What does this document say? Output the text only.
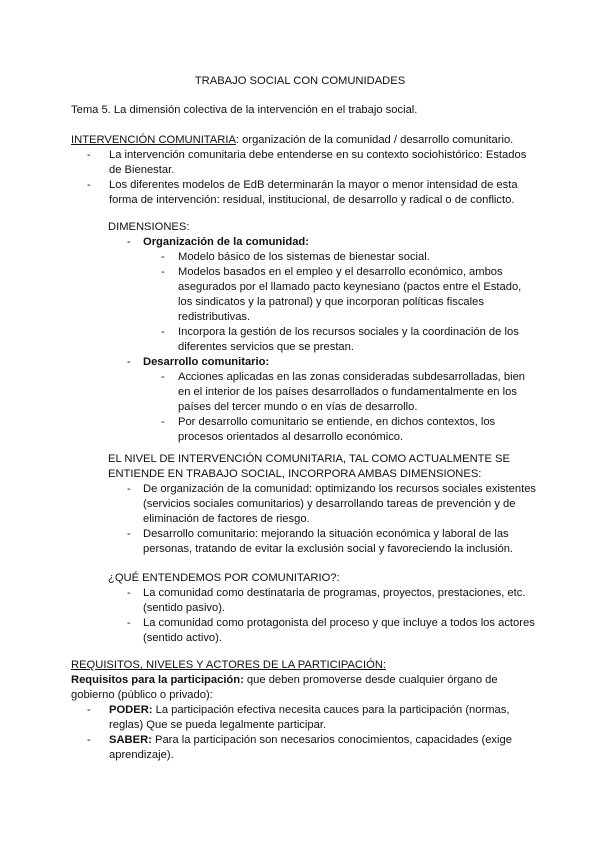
TRABAJO SOCIAL CON COMUNIDADES
Tema 5. La dimensión colectiva de la intervención en el trabajo social.
INTERVENCIÓN COMUNITARIA: organización de la comunidad / desarrollo comunitario.
- La intervención comunitaria debe entenderse en su contexto sociohistórico: Estados de Bienestar.
- Los diferentes modelos de EdB determinarán la mayor o menor intensidad de esta forma de intervención: residual, institucional, de desarrollo y radical o de conflicto.
DIMENSIONES:
- Organización de la comunidad:
- Modelo básico de los sistemas de bienestar social.
- Modelos basados en el empleo y el desarrollo económico, ambos asegurados por el llamado pacto keynesiano (pactos entre el Estado, los sindicatos y la patronal) y que incorporan políticas fiscales redistributivas.
- Incorpora la gestión de los recursos sociales y la coordinación de los diferentes servicios que se prestan.
- Desarrollo comunitario:
- Acciones aplicadas en las zonas consideradas subdesarrolladas, bien en el interior de los países desarrollados o fundamentalmente en los países del tercer mundo o en vías de desarrollo.
- Por desarrollo comunitario se entiende, en dichos contextos, los procesos orientados al desarrollo económico.
EL NIVEL DE INTERVENCIÓN COMUNITARIA, TAL COMO ACTUALMENTE SE ENTIENDE EN TRABAJO SOCIAL, INCORPORA AMBAS DIMENSIONES:
- De organización de la comunidad: optimizando los recursos sociales existentes (servicios sociales comunitarios) y desarrollando tareas de prevención y de eliminación de factores de riesgo.
- Desarrollo comunitario: mejorando la situación económica y laboral de las personas, tratando de evitar la exclusión social y favoreciendo la inclusión.
¿QUÉ ENTENDEMOS POR COMUNITARIO?:
- La comunidad como destinataria de programas, proyectos, prestaciones, etc. (sentido pasivo).
- La comunidad como protagonista del proceso y que incluye a todos los actores (sentido activo).
REQUISITOS, NIVELES Y ACTORES DE LA PARTICIPACIÓN:
Requisitos para la participación: que deben promoverse desde cualquier órgano de gobierno (público o privado):
- PODER: La participación efectiva necesita cauces para la participación (normas, reglas) Que se pueda legalmente participar.
- SABER: Para la participación son necesarios conocimientos, capacidades (exige aprendizaje).
